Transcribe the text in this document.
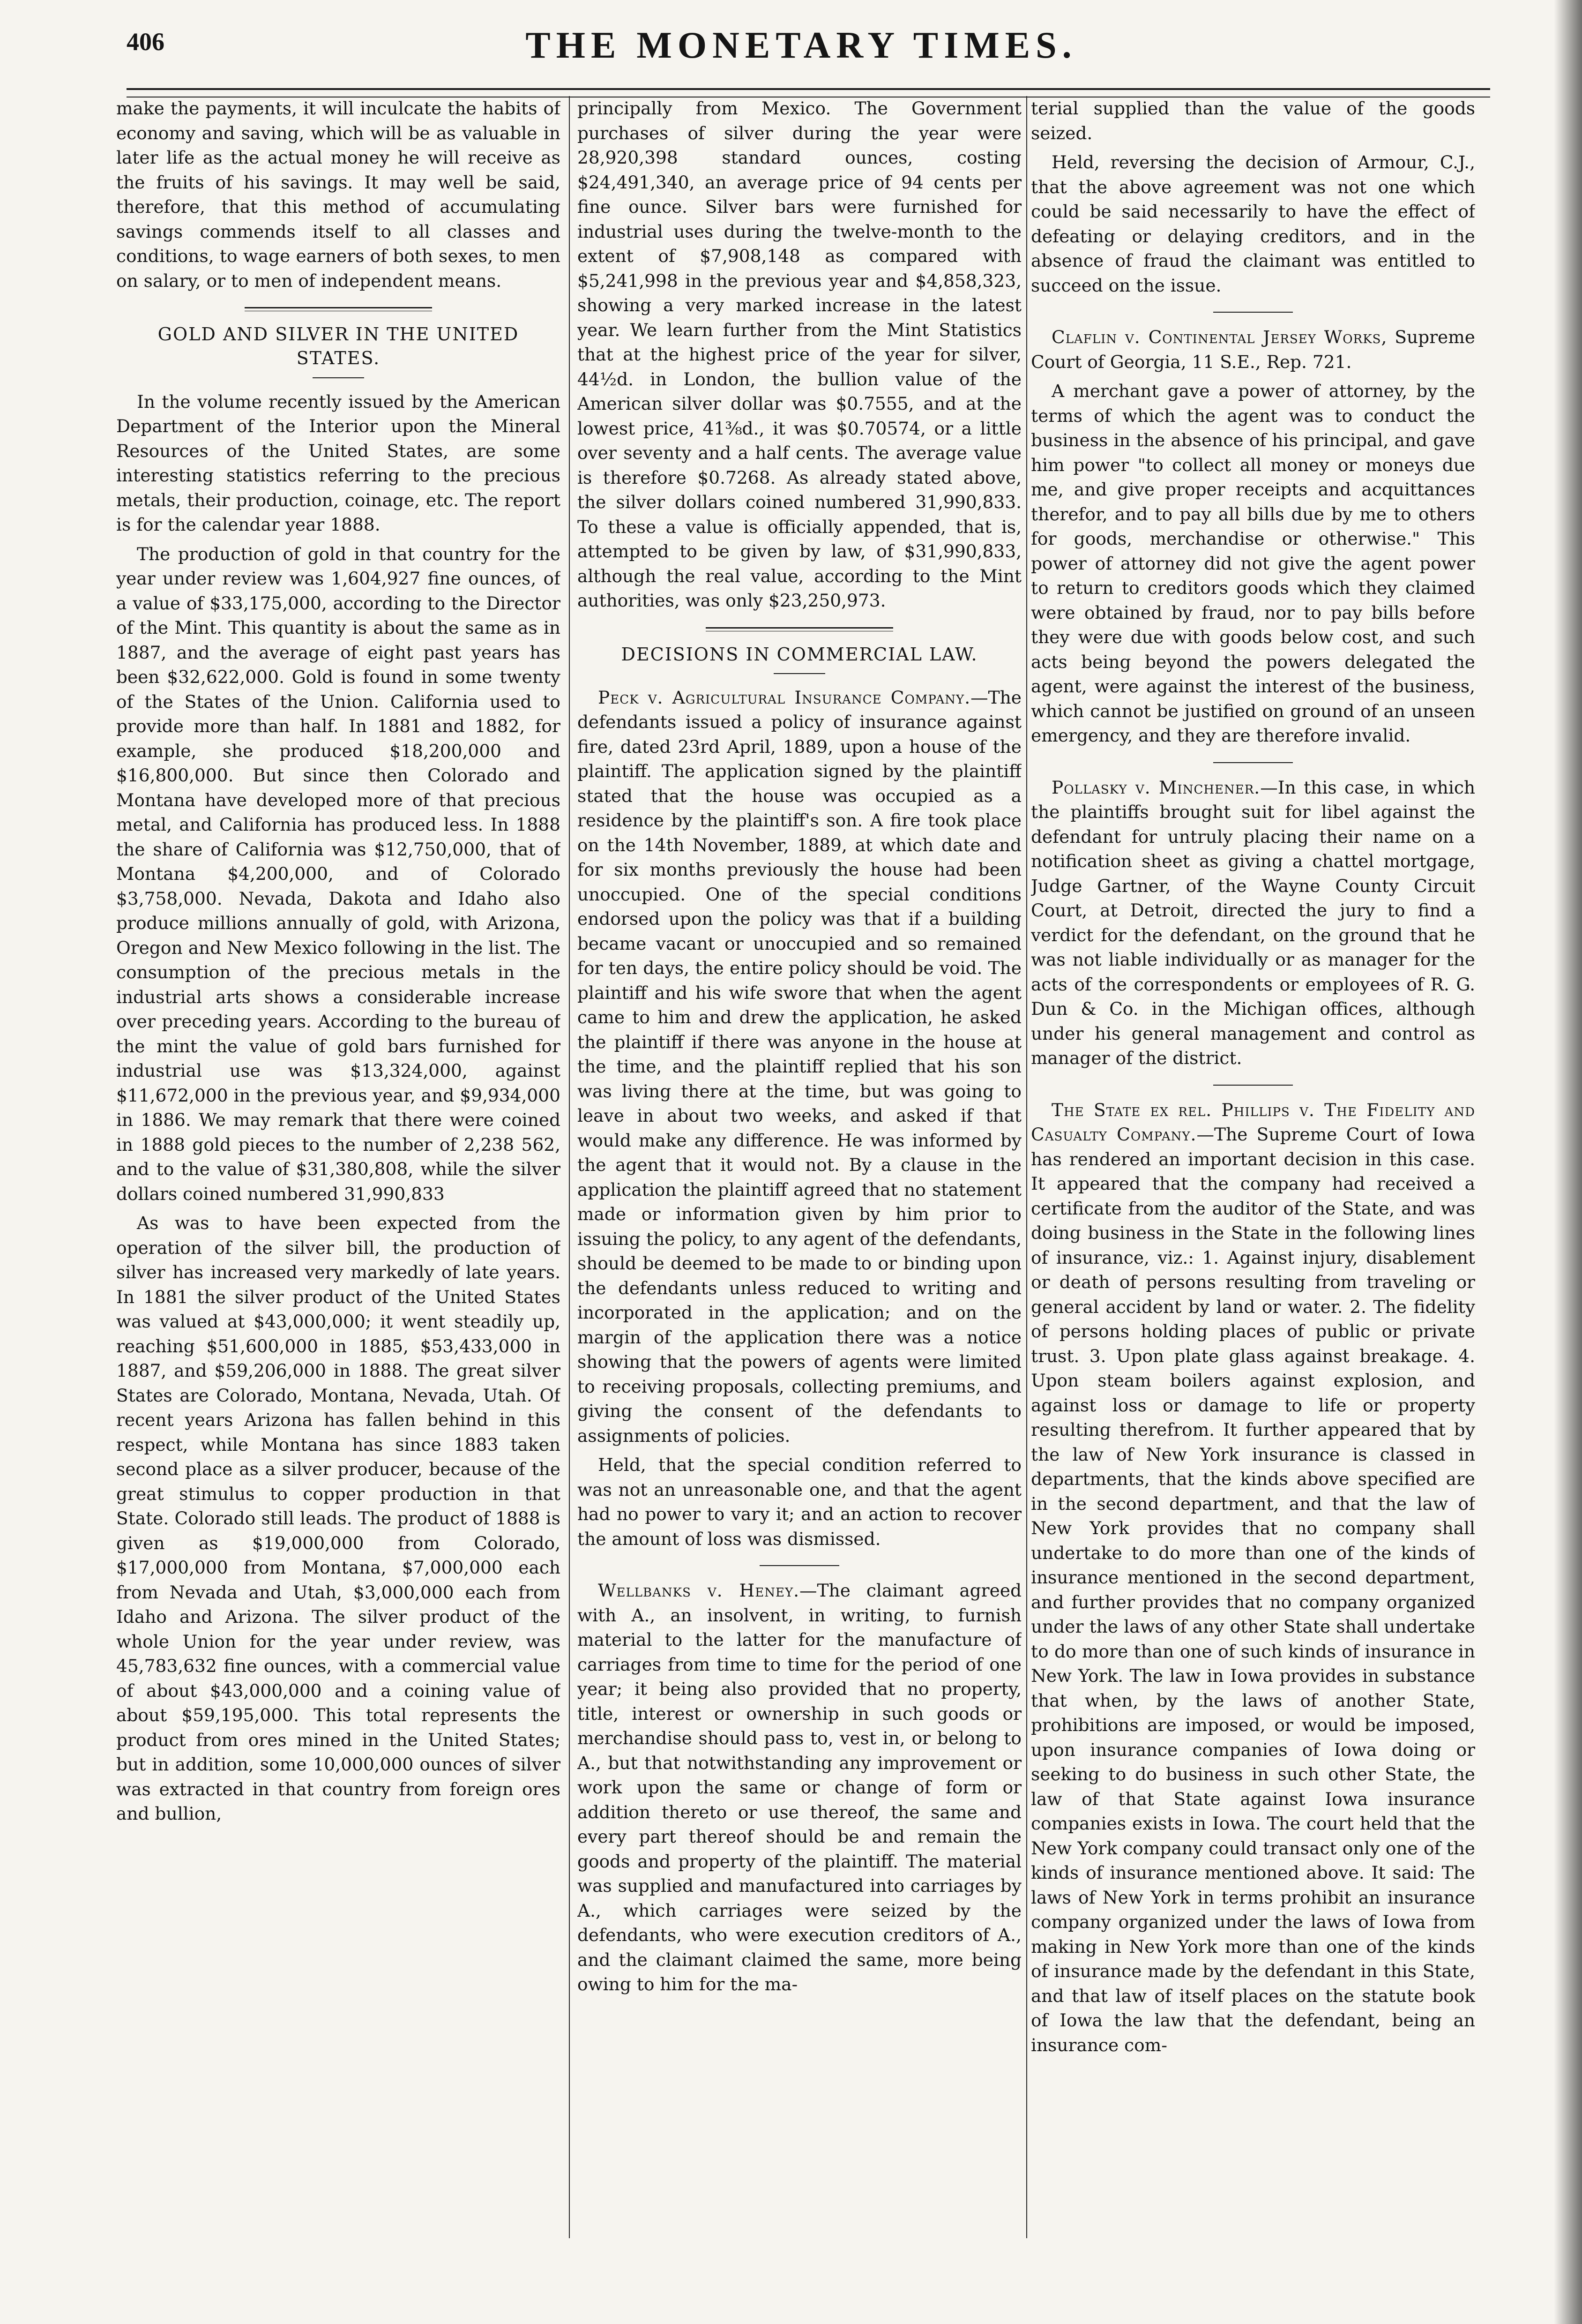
406	THE MONETARY TIMES.

make the payments, it will inculcate the habits of economy and saving, which will be as valuable in later life as the actual money he will receive as the fruits of his savings. It may well be said, therefore, that this method of accumulating savings commends itself to all classes and conditions, to wage earners of both sexes, to men on salary, or to men of independent means.

GOLD AND SILVER IN THE UNITED STATES.

In the volume recently issued by the American Department of the Interior upon the Mineral Resources of the United States, are some interesting statistics referring to the precious metals, their production, coinage, etc. The report is for the calendar year 1888.

The production of gold in that country for the year under review was 1,604,927 fine ounces, of a value of $33,175,000, according to the Director of the Mint. This quantity is about the same as in 1887, and the average of eight past years has been $32,622,000. Gold is found in some twenty of the States of the Union. California used to provide more than half. In 1881 and 1882, for example, she produced $18,200,000 and $16,800,000. But since then Colorado and Montana have developed more of that precious metal, and California has produced less. In 1888 the share of California was $12,750,000, that of Montana $4,200,000, and of Colorado $3,758,000. Nevada, Dakota and Idaho also produce millions annually of gold, with Arizona, Oregon and New Mexico following in the list. The consumption of the precious metals in the industrial arts shows a considerable increase over preceding years. According to the bureau of the mint the value of gold bars furnished for industrial use was $13,324,000, against $11,672,000 in the previous year, and $9,934,000 in 1886. We may remark that there were coined in 1888 gold pieces to the number of 2,238 562, and to the value of $31,380,808, while the silver dollars coined numbered 31,990,833

As was to have been expected from the operation of the silver bill, the production of silver has increased very markedly of late years. In 1881 the silver product of the United States was valued at $43,000,000; it went steadily up, reaching $51,600,000 in 1885, $53,433,000 in 1887, and $59,206,000 in 1888. The great silver States are Colorado, Montana, Nevada, Utah. Of recent years Arizona has fallen behind in this respect, while Montana has since 1883 taken second place as a silver producer, because of the great stimulus to copper production in that State. Colorado still leads. The product of 1888 is given as $19,000,000 from Colorado, $17,000,000 from Montana, $7,000,000 each from Nevada and Utah, $3,000,000 each from Idaho and Arizona. The silver product of the whole Union for the year under review, was 45,783,632 fine ounces, with a commercial value of about $43,000,000 and a coining value of about $59,195,000. This total represents the product from ores mined in the United States; but in addition, some 10,000,000 ounces of silver was extracted in that country from foreign ores and bullion,

principally from Mexico. The Government purchases of silver during the year were 28,920,398 standard ounces, costing $24,491,340, an average price of 94 cents per fine ounce. Silver bars were furnished for industrial uses during the twelve-month to the extent of $7,908,148 as compared with $5,241,998 in the previous year and $4,858,323, showing a very marked increase in the latest year. We learn further from the Mint Statistics that at the highest price of the year for silver, 44½d. in London, the bullion value of the American silver dollar was $0.7555, and at the lowest price, 41⅜d., it was $0.70574, or a little over seventy and a half cents. The average value is therefore $0.7268. As already stated above, the silver dollars coined numbered 31,990,833. To these a value is officially appended, that is, attempted to be given by law, of $31,990,833, although the real value, according to the Mint authorities, was only $23,250,973.

DECISIONS IN COMMERCIAL LAW.

Peck v. Agricultural Insurance Company.—The defendants issued a policy of insurance against fire, dated 23rd April, 1889, upon a house of the plaintiff. The application signed by the plaintiff stated that the house was occupied as a residence by the plaintiff's son. A fire took place on the 14th November, 1889, at which date and for six months previously the house had been unoccupied. One of the special conditions endorsed upon the policy was that if a building became vacant or unoccupied and so remained for ten days, the entire policy should be void. The plaintiff and his wife swore that when the agent came to him and drew the application, he asked the plaintiff if there was anyone in the house at the time, and the plaintiff replied that his son was living there at the time, but was going to leave in about two weeks, and asked if that would make any difference. He was informed by the agent that it would not. By a clause in the application the plaintiff agreed that no statement made or information given by him prior to issuing the policy, to any agent of the defendants, should be deemed to be made to or binding upon the defendants unless reduced to writing and incorporated in the application; and on the margin of the application there was a notice showing that the powers of agents were limited to receiving proposals, collecting premiums, and giving the consent of the defendants to assignments of policies.

Held, that the special condition referred to was not an unreasonable one, and that the agent had no power to vary it; and an action to recover the amount of loss was dismissed.

Wellbanks v. Heney.—The claimant agreed with A., an insolvent, in writing, to furnish material to the latter for the manufacture of carriages from time to time for the period of one year; it being also provided that no property, title, interest or ownership in such goods or merchandise should pass to, vest in, or belong to A., but that notwithstanding any improvement or work upon the same or change of form or addition thereto or use thereof, the same and every part thereof should be and remain the goods and property of the plaintiff. The material was supplied and manufactured into carriages by A., which carriages were seized by the defendants, who were execution creditors of A., and the claimant claimed the same, more being owing to him for the ma-

terial supplied than the value of the goods seized.

Held, reversing the decision of Armour, C.J., that the above agreement was not one which could be said necessarily to have the effect of defeating or delaying creditors, and in the absence of fraud the claimant was entitled to succeed on the issue.

Claflin v. Continental Jersey Works, Supreme Court of Georgia, 11 S.E., Rep. 721.

A merchant gave a power of attorney, by the terms of which the agent was to conduct the business in the absence of his principal, and gave him power "to collect all money or moneys due me, and give proper receipts and acquittances therefor, and to pay all bills due by me to others for goods, merchandise or otherwise." This power of attorney did not give the agent power to return to creditors goods which they claimed were obtained by fraud, nor to pay bills before they were due with goods below cost, and such acts being beyond the powers delegated the agent, were against the interest of the business, which cannot be justified on ground of an unseen emergency, and they are therefore invalid.

Pollasky v. Minchener.—In this case, in which the plaintiffs brought suit for libel against the defendant for untruly placing their name on a notification sheet as giving a chattel mortgage, Judge Gartner, of the Wayne County Circuit Court, at Detroit, directed the jury to find a verdict for the defendant, on the ground that he was not liable individually or as manager for the acts of the correspondents or employees of R. G. Dun & Co. in the Michigan offices, although under his general management and control as manager of the district.

The State ex rel. Phillips v. The Fidelity and Casualty Company.—The Supreme Court of Iowa has rendered an important decision in this case. It appeared that the company had received a certificate from the auditor of the State, and was doing business in the State in the following lines of insurance, viz.: 1. Against injury, disablement or death of persons resulting from traveling or general accident by land or water. 2. The fidelity of persons holding places of public or private trust. 3. Upon plate glass against breakage. 4. Upon steam boilers against explosion, and against loss or damage to life or property resulting therefrom. It further appeared that by the law of New York insurance is classed in departments, that the kinds above specified are in the second department, and that the law of New York provides that no company shall undertake to do more than one of the kinds of insurance mentioned in the second department, and further provides that no company organized under the laws of any other State shall undertake to do more than one of such kinds of insurance in New York. The law in Iowa provides in substance that when, by the laws of another State, prohibitions are imposed, or would be imposed, upon insurance companies of Iowa doing or seeking to do business in such other State, the law of that State against Iowa insurance companies exists in Iowa. The court held that the New York company could transact only one of the kinds of insurance mentioned above. It said: The laws of New York in terms prohibit an insurance company organized under the laws of Iowa from making in New York more than one of the kinds of insurance made by the defendant in this State, and that law of itself places on the statute book of Iowa the law that the defendant, being an insurance com-
